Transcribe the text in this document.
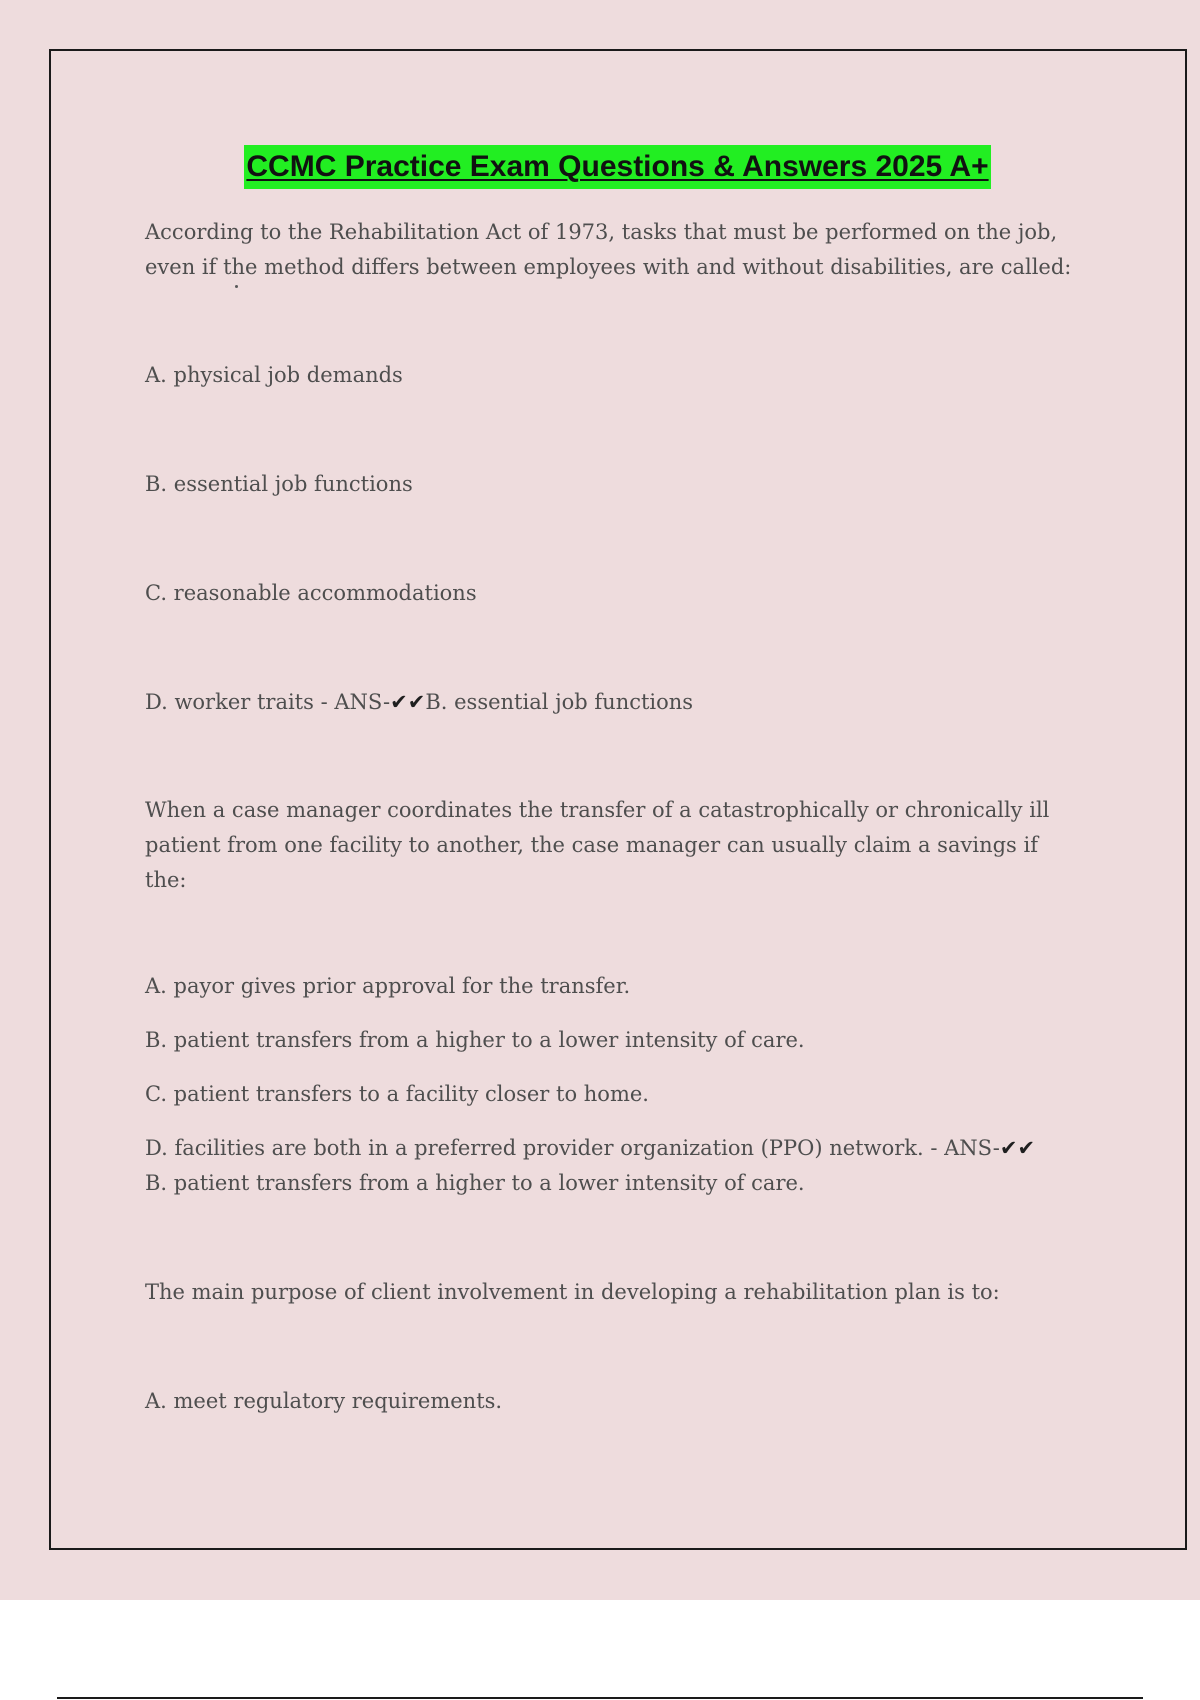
CCMC Practice Exam Questions & Answers 2025 A+

According to the Rehabilitation Act of 1973, tasks that must be performed on the job,

even if the method differs between employees with and without disabilities, are called:

A. physical job demands

B. essential job functions

C. reasonable accommodations

D. worker traits - ANS-✔✔B. essential job functions

When a case manager coordinates the transfer of a catastrophically or chronically ill

patient from one facility to another, the case manager can usually claim a savings if

the:

A. payor gives prior approval for the transfer.

B. patient transfers from a higher to a lower intensity of care.

C. patient transfers to a facility closer to home.

D. facilities are both in a preferred provider organization (PPO) network. - ANS-✔✔

B. patient transfers from a higher to a lower intensity of care.

The main purpose of client involvement in developing a rehabilitation plan is to:

A. meet regulatory requirements.
